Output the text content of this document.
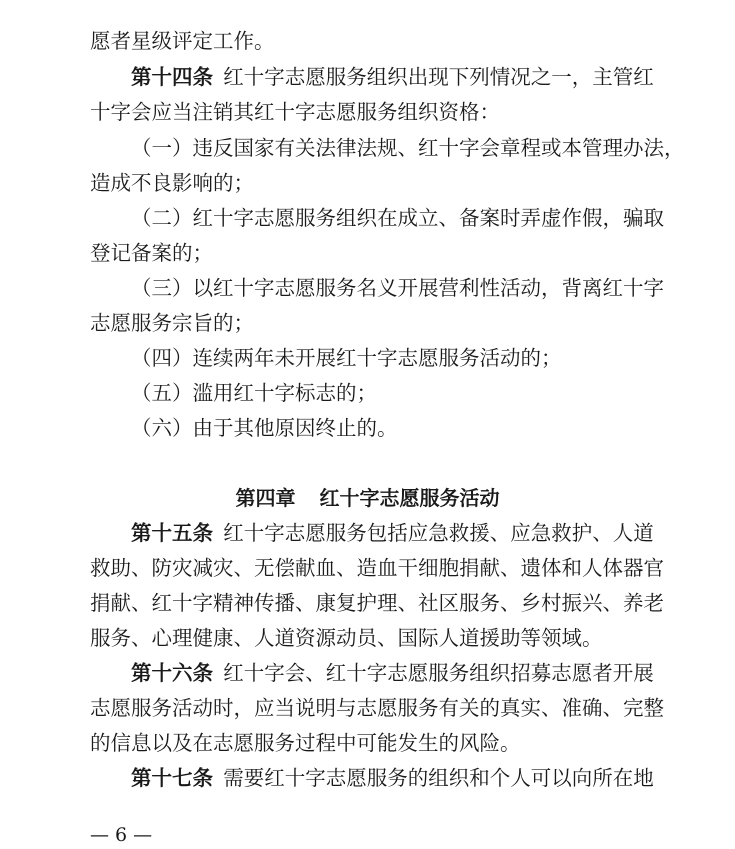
愿者星级评定工作。
第十四条  红十字志愿服务组织出现下列情况之一，主管红
十字会应当注销其红十字志愿服务组织资格：
（一）违反国家有关法律法规、红十字会章程或本管理办法，
造成不良影响的；
（二）红十字志愿服务组织在成立、备案时弄虚作假，骗取
登记备案的；
（三）以红十字志愿服务名义开展营利性活动，背离红十字
志愿服务宗旨的；
（四）连续两年未开展红十字志愿服务活动的；
（五）滥用红十字标志的；
（六）由于其他原因终止的。
第四章 红十字志愿服务活动
第十五条  红十字志愿服务包括应急救援、应急救护、人道
救助、防灾减灾、无偿献血、造血干细胞捐献、遗体和人体器官
捐献、红十字精神传播、康复护理、社区服务、乡村振兴、养老
服务、心理健康、人道资源动员、国际人道援助等领域。
第十六条  红十字会、红十字志愿服务组织招募志愿者开展
志愿服务活动时，应当说明与志愿服务有关的真实、准确、完整
的信息以及在志愿服务过程中可能发生的风险。
第十七条  需要红十字志愿服务的组织和个人可以向所在地
— 6 —
